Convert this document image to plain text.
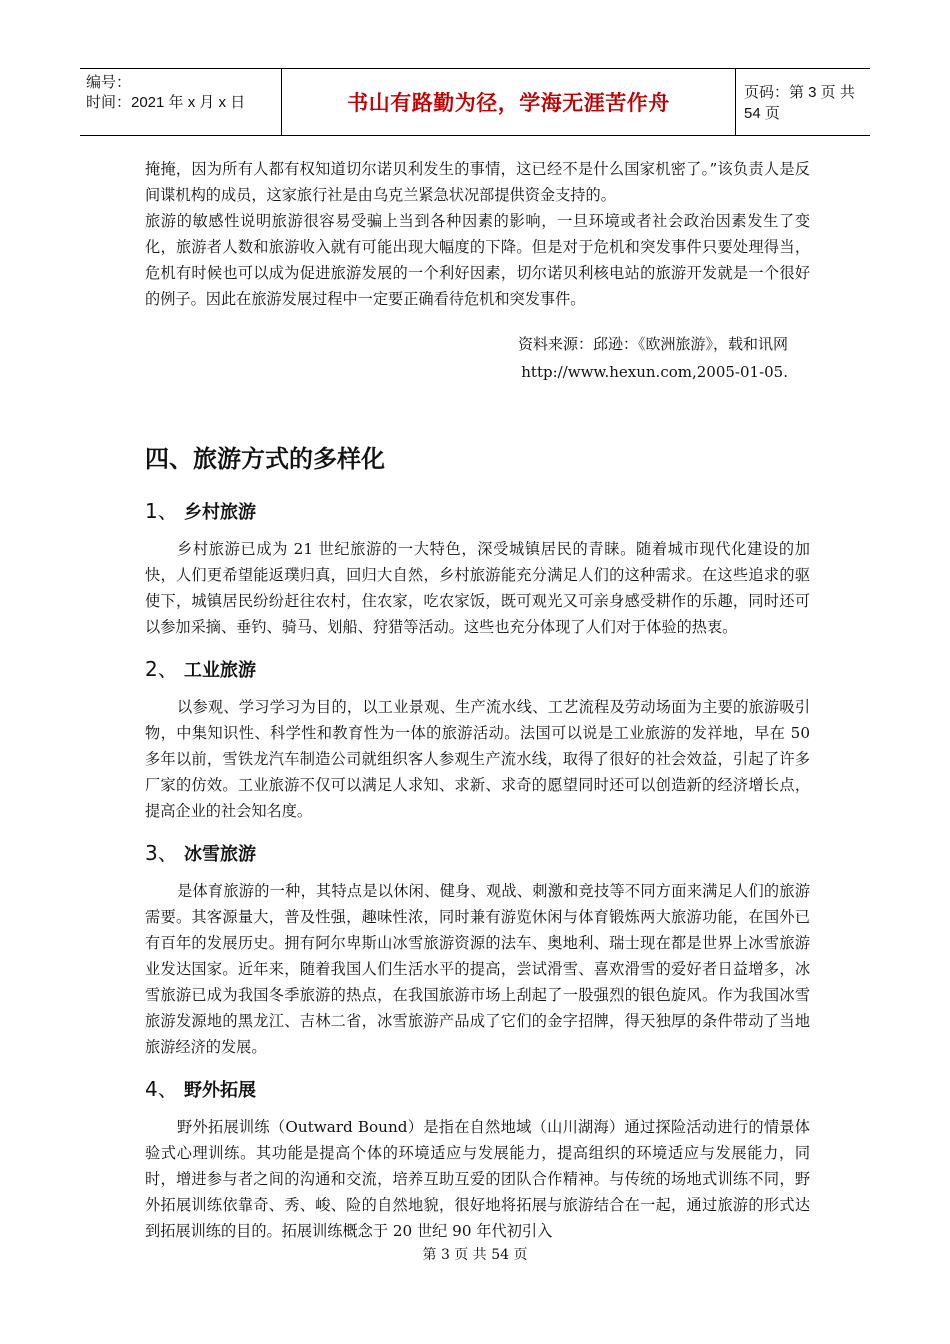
编号：
时间：2021 年 x 月 x 日	书山有路勤为径，学海无涯苦作舟	页码：第 3 页 共 54 页

掩掩，因为所有人都有权知道切尔诺贝利发生的事情，这已经不是什么国家机密了。”该负责人是反间谍机构的成员，这家旅行社是由乌克兰紧急状况部提供资金支持的。

旅游的敏感性说明旅游很容易受骗上当到各种因素的影响，一旦环境或者社会政治因素发生了变化，旅游者人数和旅游收入就有可能出现大幅度的下降。但是对于危机和突发事件只要处理得当，危机有时候也可以成为促进旅游发展的一个利好因素，切尔诺贝利核电站的旅游开发就是一个很好的例子。因此在旅游发展过程中一定要正确看待危机和突发事件。

资料来源：邱逊：《欧洲旅游》，载和讯网

http://www.hexun.com,2005-01-05.

四、旅游方式的多样化
1、 乡村旅游

乡村旅游已成为 21 世纪旅游的一大特色，深受城镇居民的青睐。随着城市现代化建设的加快，人们更希望能返璞归真，回归大自然，乡村旅游能充分满足人们的这种需求。在这些追求的驱使下，城镇居民纷纷赶往农村，住农家，吃农家饭，既可观光又可亲身感受耕作的乐趣，同时还可以参加采摘、垂钓、骑马、划船、狩猎等活动。这些也充分体现了人们对于体验的热衷。

2、 工业旅游

以参观、学习学习为目的，以工业景观、生产流水线、工艺流程及劳动场面为主要的旅游吸引物，中集知识性、科学性和教育性为一体的旅游活动。法国可以说是工业旅游的发祥地，早在 50 多年以前，雪铁龙汽车制造公司就组织客人参观生产流水线，取得了很好的社会效益，引起了许多厂家的仿效。工业旅游不仅可以满足人求知、求新、求奇的愿望同时还可以创造新的经济增长点，提高企业的社会知名度。

3、 冰雪旅游

是体育旅游的一种，其特点是以休闲、健身、观战、刺激和竞技等不同方面来满足人们的旅游需要。其客源量大，普及性强，趣味性浓，同时兼有游览休闲与体育锻炼两大旅游功能，在国外已有百年的发展历史。拥有阿尔卑斯山冰雪旅游资源的法车、奥地利、瑞士现在都是世界上冰雪旅游业发达国家。近年来，随着我国人们生活水平的提高，尝试滑雪、喜欢滑雪的爱好者日益增多，冰雪旅游已成为我国冬季旅游的热点，在我国旅游市场上刮起了一股强烈的银色旋风。作为我国冰雪旅游发源地的黑龙江、吉林二省，冰雪旅游产品成了它们的金字招牌，得天独厚的条件带动了当地旅游经济的发展。

4、 野外拓展

野外拓展训练（Outward Bound）是指在自然地域（山川湖海）通过探险活动进行的情景体验式心理训练。其功能是提高个体的环境适应与发展能力，提高组织的环境适应与发展能力，同时，增进参与者之间的沟通和交流，培养互助互爱的团队合作精神。与传统的场地式训练不同，野外拓展训练依靠奇、秀、峻、险的自然地貌，很好地将拓展与旅游结合在一起，通过旅游的形式达到拓展训练的目的。拓展训练概念于 20 世纪 90 年代初引入

第 3 页 共 54 页
